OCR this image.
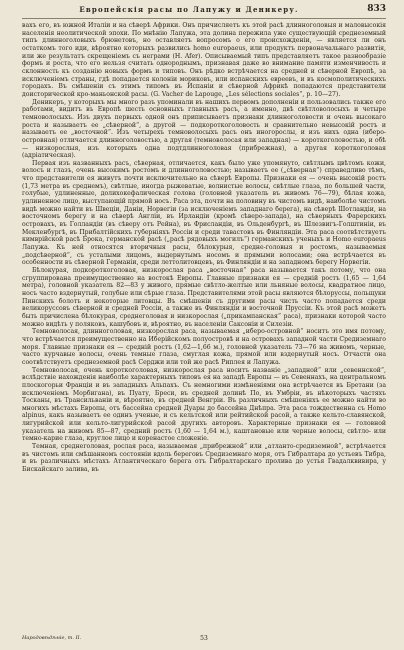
Европейскія расы по Лапужу и Деникеру.	833

вахъ его, въ южной Италіи и на сѣверѣ Африки. Онъ причисляетъ къ этой расѣ длинноголовыя и маловысокія населенія неолитической эпохи. По мнѣнію Лапужа, эта долина пережила уже существующій среднеземный типъ длинноголовыхъ брюнетовъ, но оставляетъ вопросомъ о его происхожденіи, — является ли онъ остаткомъ того иди, вѣроятно которыхъ развились homo europaeus, или продуктъ первоначальнаго развитія, или же результатъ скрещеніемъ съ неграми (H. Afer). Описываемый типъ представляетъ такое разнообразіе формъ и роста, что его нельзя считать однороднымъ, признавая даже во внимание памяти изменчивость и склонность къ созданію новыхъ формъ и типовъ. Онъ рѣдко встрѣчается на средней и сѣверной Европѣ, за исключеніемъ страны, гдѣ попадается колоніи мориковъ, или испанскихъ евреевъ, и въ космополитическихъ городахъ. Въ смѣшеніи съ этимъ типомъ въ Испаніи и сѣверной Африкѣ попадаются представители доисторической кро-маньонской расы. (G. Vacher de Lapouge, „Les sélections sociales“, p. 10—27).

Деникеръ, у которыхъ мы много разъ упоминали въ нашихъ первомъ дополненіи и пользовались также его работами, видитъ въ Европѣ шесть основныхъ главныхъ расъ, а именно, двѣ свѣтловолосыхъ и четыре темноволосыхъ. Изъ двухъ первыхъ одной онъ приписываетъ признаки длинноголовости и очень высокаго роста и называетъ ее „сѣверной“, а другой — подкороткоголовость и сравнительно невысокій ростъ и называетъ ее „восточной“. Изъ четырехъ темноволосыхъ расъ онъ иногорослы, и изъ нихъ одна (иберо-островная) отличается длинноголовостью, а другая (темноволосая или западная) — короткоголовостью, и обѣ — низкорослыя, изъ которыхъ одна подтдлинноголовая (прибрежная), а другая короткоголовая (адріатическая).

Первая изъ названныхъ расъ, сѣверная, отличается, какъ было уже упомянуто, свѣтлымъ цвѣтомъ кожи, волосъ и глазъ, очень высокимъ ростомъ и длинноголовостью; называетъ ее („сѣверная“) справедливо тѣмъ, что представители ея живутъ почти исключительно на сѣверѣ Европы. Признаки ея — очень высокій ростъ (1,73 метра въ среднемъ), свѣтлые, иногда рыжеватые, волнистые волосы, свѣтлые глаза, по большей части, голубые, удлиненные, долихокефалическая голова (головной указатель въ живомъ 76—79), бѣлая кожа, удлиненное лицо, выступающій прямой носъ. Раса эта, почти на половину въ чистомъ видѣ, наиболѣе чистомъ видѣ можно найти въ Швеціи, Даніи, Норвегіи (за исключеніемъ западнаго берега), на сѣверѣ Шотландіи, на восточномъ берегу и на сѣверѣ Англіи, въ Ирландіи (кромѣ сѣверо-запада), на сѣверныхъ Фарерскихъ островахъ, въ Голландіи (въ сѣверу отъ Рейна), въ Фрисландіи, въ Ольденбургѣ, въ Шлезвигъ-Голштиніи, въ Мекленбургѣ, въ Прибалтійскихъ губерніяхъ Россіи и среди тавастовъ въ Финляндіи. Эта раса соотвѣтствуетъ кимврійской расѣ Брока, германской расѣ („расѣ рядовыхъ могилъ“) германскихъ ученыхъ и Homo europaeus Лапужа. Къ ней относятся вторичныя расы, бѣлокурыя, средне-головыя и ростомъ, называемыя „подсѣверной“, съ усталыми лицомъ, выдернутымъ носомъ и прямыми волосами; она встрѣчается въ особенности въ сѣверной Германіи, среди леттолитовцевъ, въ Финляндіи и на западномъ берегу Норвегіи.

Бѣлокурая, подкороткоголовая, низкорослая раса „восточная“ раса называется такъ потому, что она сгруппирована преимущественно на востокѣ Европы. Главные признаки ея — средній ростъ (1,65 — 1,64 метра), головной указатель 82—83 у живого, прямые свѣтло-желтые или льняные волосы, квадратное лицо, носъ часто вздернутый, голубые или сѣрые глаза. Представителями этой расы являются бѣлоруссы, польщуки Пинскихъ болотъ и некоторые литовцы. Въ смѣшеніи съ другими расы чисть часто попадается среди великоруссовъ сѣверной и средней Россіи, а также въ Финляндіи и восточной Пруссіи. Къ этой расѣ можетъ быть причислена бѣлокурая, среднеголовая и низкорослая („прикампанская“ раса), признаки которой часто можно видѣть у поляковъ, кашубовъ и, вѣроятно, въ населеніи Саксоніи и Силезіи.

Темноволосая, длинноголовая, низкорослая раса, называемая „иберо-островной“ носитъ это имя потому, что встрѣчается преимущественно на Иберійскомъ полуостровѣ и на островахъ западной части Средиземнаго моря. Главные признаки ея — средній ростъ (1,62—1,66 м.), головной указатель 73—76 на живомъ, черные, часто курчавые волосы, очень темные глаза, смуглая кожа, прямой или вздернутый носъ. Отчасти она соотвѣтствуетъ среднеземной расѣ Серджи или той же расѣ Риплея и Лапужа.

Темноволосая, очень короткоголовая, низкорослая раса носитъ названіе „западной“ или „севеннской“, вслѣдствіе нахожденія наиболѣе характерныхъ типовъ ея на западѣ Европы — въ Севеннахъ, на центральномъ плоскогорьи Франціи и въ западныхъ Альпахъ. Съ немногими измѣненіями она встрѣчается въ Бретани (за исключеніемъ Морбигана), въ Пуату, Бреси, въ средней долинѣ По, въ Умбріи, въ нѣкоторыхъ частяхъ Тосканы, въ Трансильваніи и, вѣроятно, въ средней Венгріи. Въ различныхъ смѣшеніяхъ ее можно найти во многихъ мѣстахъ Европы, отъ бассейна средней Дуары до бассейна Днѣпра. Эта раса тождественна съ Homo alpinus, какъ называетъ ее одинъ ученые, и съ кельтской или рейтийской расой, а также кельто-славянской, лигурийской или кельто-лигурийской расой другихъ авторовъ. Характерные признаки ея — головной указатель на живомъ 85—87, средний ростъ (1,60 — 1,64 м.), каштановые или черные волосы, свѣтло- или темно-карие глаза, круглое лицо и коренастое сложеніе.

Темная, среднеголовая, рослая раса, называемая „прибрежной“ или „атланто-средиземной“, встрѣчается въ чистомъ или смѣшанномъ состояніи вдоль береговъ Средиземнаго моря, отъ Гибралтара до устьевъ Тибра, и въ различныхъ мѣстахъ Атлантическаго берега отъ Гибралтарскаго пролива до устья Гвадалквивира, у Бискайскаго залива, въ

Народовѣдѣніе, т. II.	53
